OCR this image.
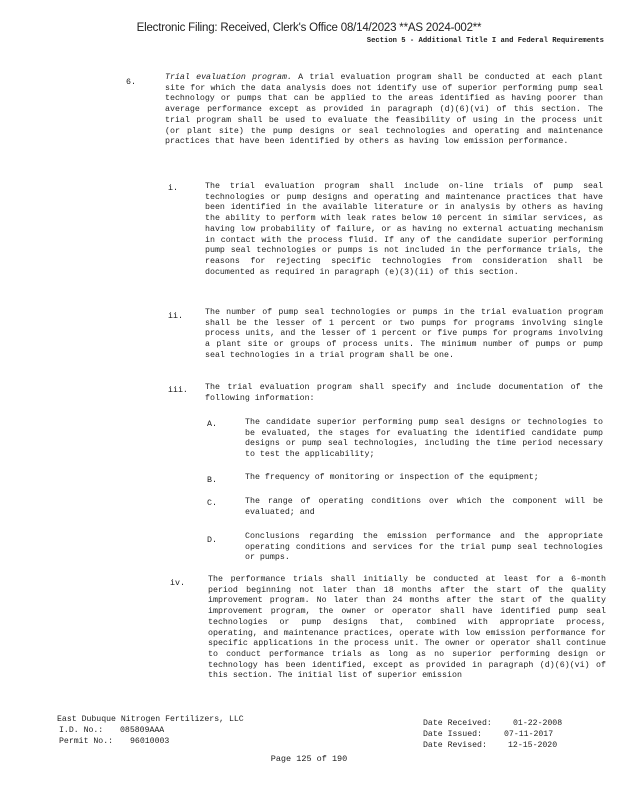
Electronic Filing: Received, Clerk's Office 08/14/2023 **AS 2024-002**
Section 5 - Additional Title I and Federal Requirements
6.
Trial evaluation program. A trial evaluation program shall be conducted at each plant site for which the data analysis does not identify use of superior performing pump seal technology or pumps that can be applied to the areas identified as having poorer than average performance except as provided in paragraph (d)(6)(vi) of this section. The trial program shall be used to evaluate the feasibility of using in the process unit (or plant site) the pump designs or seal technologies and operating and maintenance practices that have been identified by others as having low emission performance.
i.	The trial evaluation program shall include on-line trials of pump seal technologies or pump designs and operating and maintenance practices that have been identified in the available literature or in analysis by others as having the ability to perform with leak rates below 10 percent in similar services, as having low probability of failure, or as having no external actuating mechanism in contact with the process fluid. If any of the candidate superior performing pump seal technologies or pumps is not included in the performance trials, the reasons for rejecting specific technologies from consideration shall be documented as required in paragraph (e)(3)(ii) of this section.
ii.	The number of pump seal technologies or pumps in the trial evaluation program shall be the lesser of 1 percent or two pumps for programs involving single process units, and the lesser of 1 percent or five pumps for programs involving a plant site or groups of process units. The minimum number of pumps or pump seal technologies in a trial program shall be one.
iii. The trial evaluation program shall specify and include documentation of the following information:
A.	The candidate superior performing pump seal designs or technologies to be evaluated, the stages for evaluating the identified candidate pump designs or pump seal technologies, including the time period necessary to test the applicability;
B.	The frequency of monitoring or inspection of the equipment;
C.	The range of operating conditions over which the component will be evaluated; and
D.	Conclusions regarding the emission performance and the appropriate operating conditions and services for the trial pump seal technologies or pumps.
iv.	The performance trials shall initially be conducted at least for a 6-month period beginning not later than 18 months after the start of the quality improvement program. No later than 24 months after the start of the quality improvement program, the owner or operator shall have identified pump seal technologies or pump designs that, combined with appropriate process, operating, and maintenance practices, operate with low emission performance for specific applications in the process unit. The owner or operator shall continue to conduct performance trials as long as no superior performing design or technology has been identified, except as provided in paragraph (d)(6)(vi) of this section. The initial list of superior emission
East Dubuque Nitrogen Fertilizers, LLC
I.D. No.: 085809AAA
Permit No.: 96010003
Date Received:	01-22-2008
Date Issued:	07-11-2017
Date Revised:	12-15-2020
Page 125 of 190
